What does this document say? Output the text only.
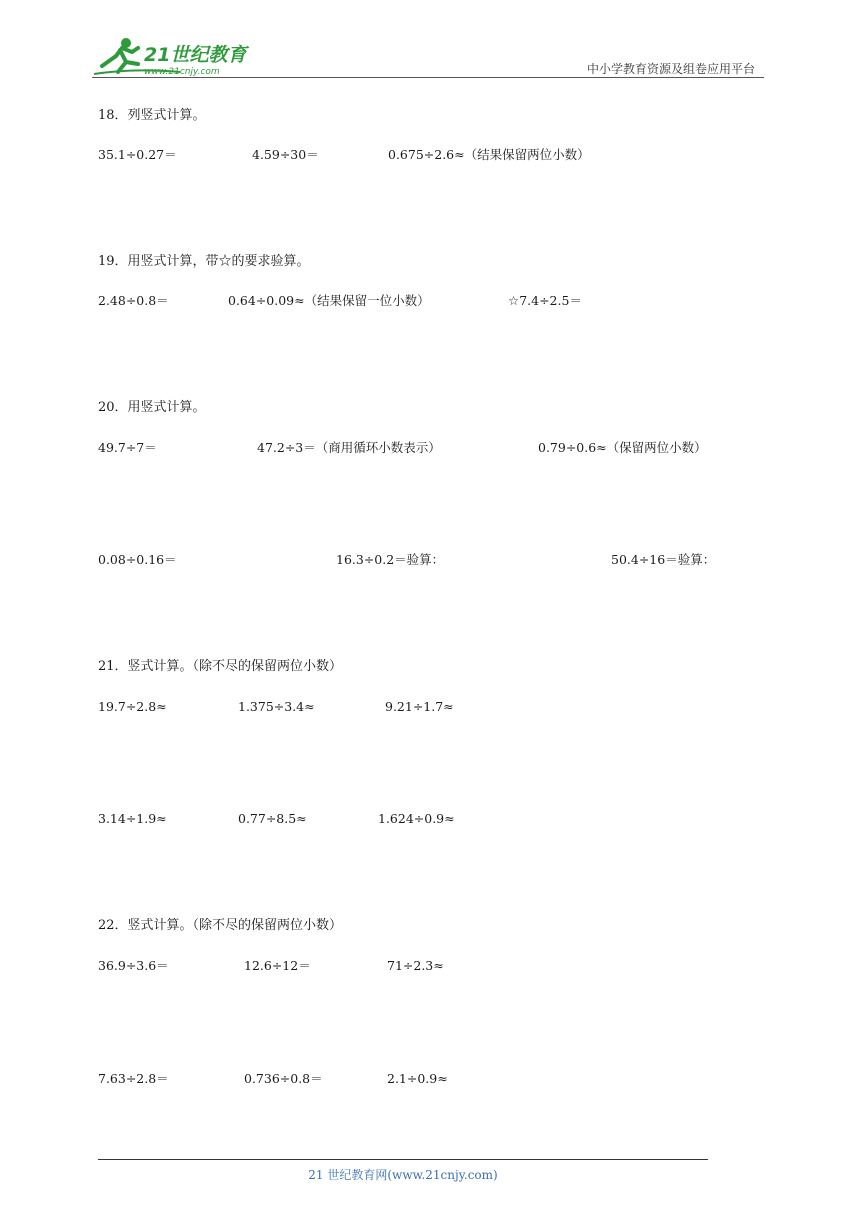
21世纪教育
www.21cnjy.com	中小学教育资源及组卷应用平台
18．列竖式计算。
35.1÷0.27＝	4.59÷30＝	0.675÷2.6≈（结果保留两位小数）
19．用竖式计算，带☆的要求验算。
2.48÷0.8＝	0.64÷0.09≈（结果保留一位小数）	☆7.4÷2.5＝
20．用竖式计算。
49.7÷7＝	47.2÷3＝（商用循环小数表示）	0.79÷0.6≈（保留两位小数）
0.08÷0.16＝	16.3÷0.2＝验算：	50.4÷16＝验算：
21．竖式计算。（除不尽的保留两位小数）
19.7÷2.8≈	1.375÷3.4≈	9.21÷1.7≈
3.14÷1.9≈	0.77÷8.5≈	1.624÷0.9≈
22．竖式计算。（除不尽的保留两位小数）
36.9÷3.6＝	12.6÷12＝	71÷2.3≈
7.63÷2.8＝	0.736÷0.8＝	2.1÷0.9≈
21 世纪教育网(www.21cnjy.com)
